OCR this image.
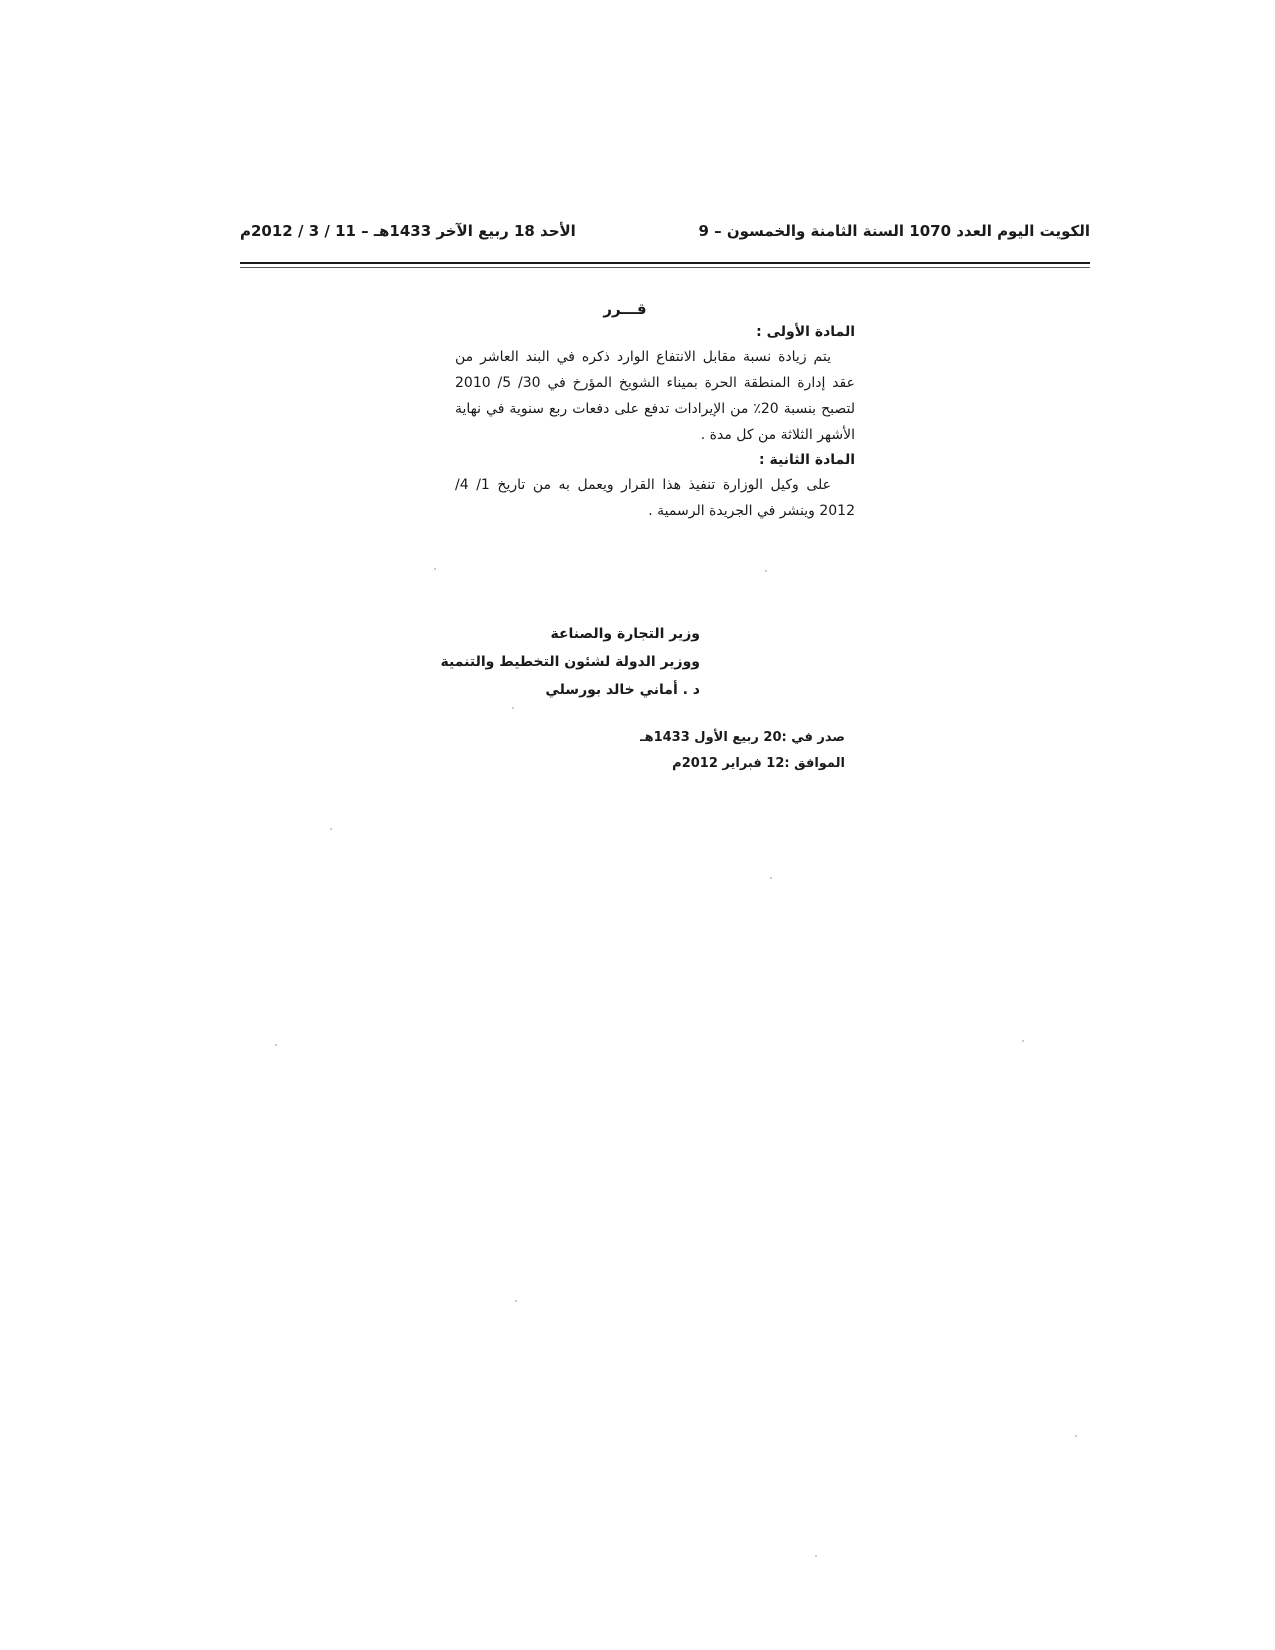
الكويت اليوم العدد 1070 السنة الثامنة والخمسون – 9
الأحد 18 ربيع الآخر 1433هـ – 11 / 3 / 2012م
قـــرر
المادة الأولى :

يتم زيادة نسبة مقابل الانتفاع الوارد ذكره في البند العاشر من عقد إدارة المنطقة الحرة بميناء الشويخ المؤرخ في 30/ 5/ 2010 لتصبح بنسبة 20٪ من الإيرادات تدفع على دفعات ربع سنوية في نهاية الأشهر الثلاثة من كل مدة .

المادة الثانية :

على وكيل الوزارة تنفيذ هذا القرار ويعمل به من تاريخ 1/ 4/ 2012 وينشر في الجريدة الرسمية .

وزير التجارة والصناعة
ووزير الدولة لشئون التخطيط والتنمية
د . أماني خالد بورسلي
صدر في :20 ربيع الأول 1433هـ
الموافق :12 فبراير 2012م
